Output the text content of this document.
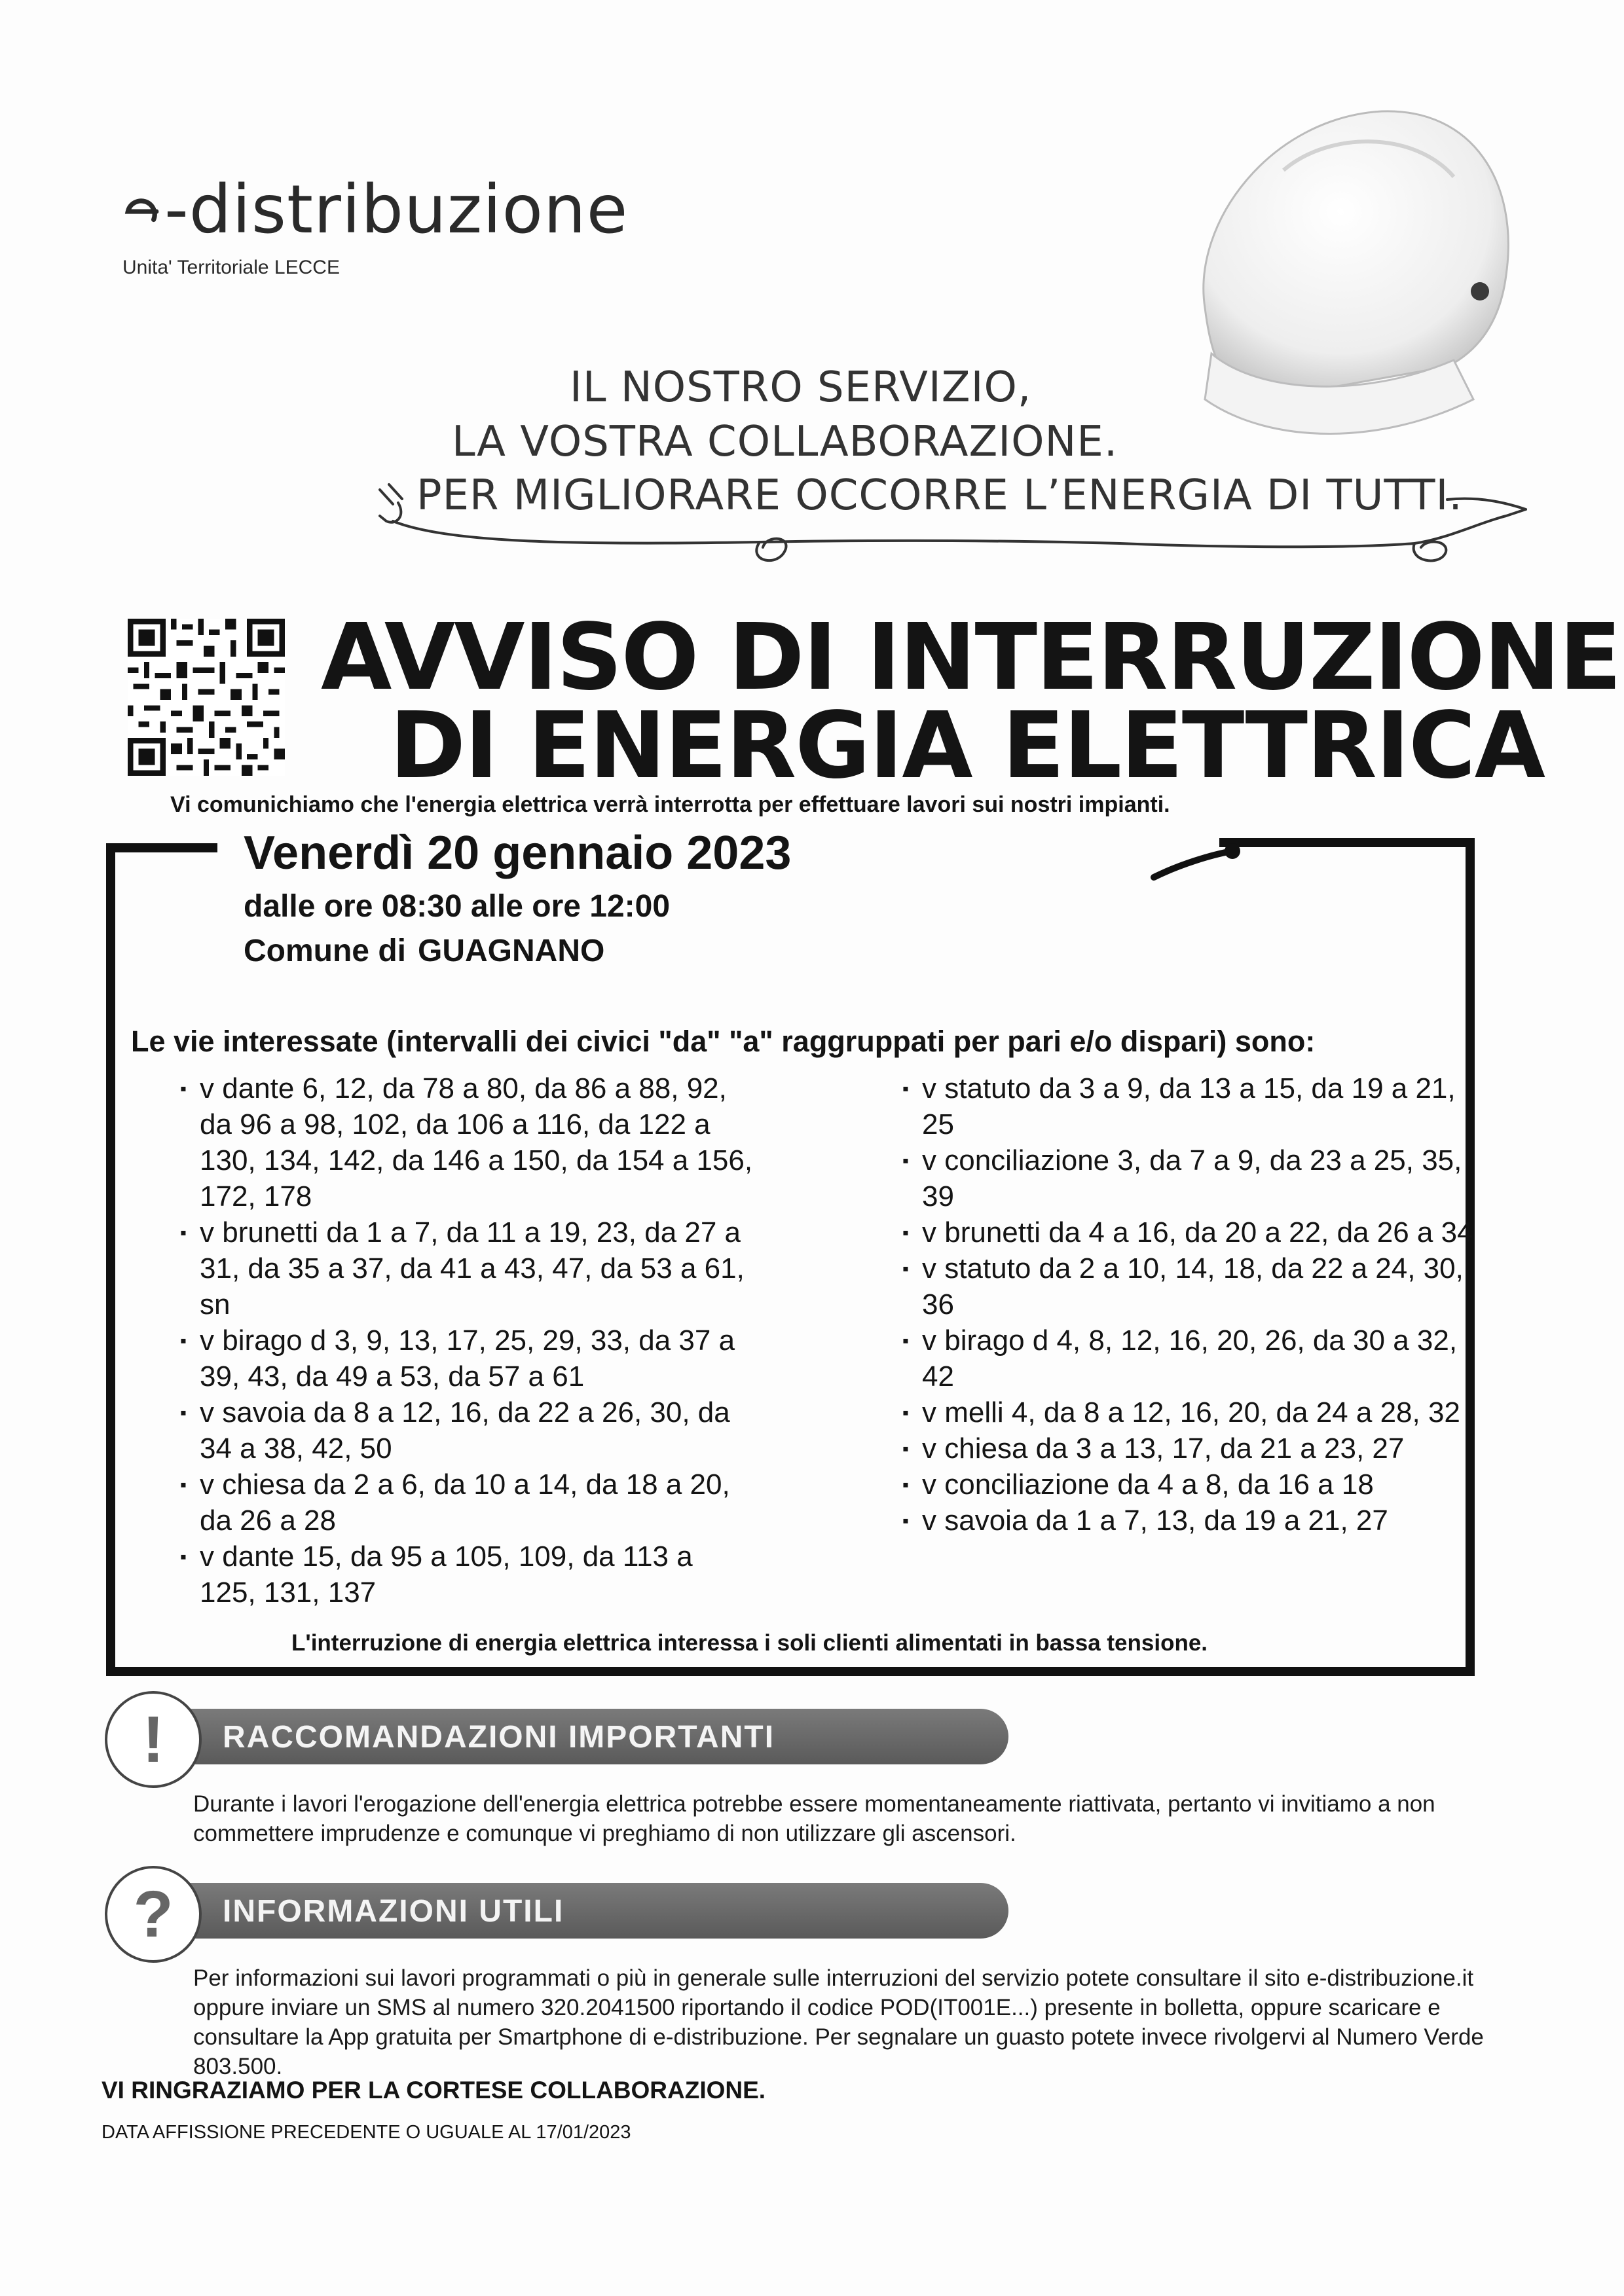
-distribuzione
Unita' Territoriale LECCE
IL NOSTRO SERVIZIO,
LA VOSTRA COLLABORAZIONE.
PER MIGLIORARE OCCORRE L’ENERGIA DI TUTTI.
AVVISO DI INTERRUZIONE
DI ENERGIA ELETTRICA
Vi comunichiamo che l'energia elettrica verrà interrotta per effettuare lavori sui nostri impianti.
Venerdì 20 gennaio 2023
dalle ore 08:30 alle ore 12:00
Comune di GUAGNANO
Le vie interessate (intervalli dei civici "da" "a" raggruppati per pari e/o dispari) sono:
▪ v dante 6, 12, da 78 a 80, da 86 a 88, 92, da 96 a 98, 102, da 106 a 116, da 122 a 130, 134, 142, da 146 a 150, da 154 a 156, 172, 178
▪ v brunetti da 1 a 7, da 11 a 19, 23, da 27 a 31, da 35 a 37, da 41 a 43, 47, da 53 a 61, sn
▪ v birago d 3, 9, 13, 17, 25, 29, 33, da 37 a 39, 43, da 49 a 53, da 57 a 61
▪ v savoia da 8 a 12, 16, da 22 a 26, 30, da 34 a 38, 42, 50
▪ v chiesa da 2 a 6, da 10 a 14, da 18 a 20, da 26 a 28
▪ v dante 15, da 95 a 105, 109, da 113 a 125, 131, 137
▪ v statuto da 3 a 9, da 13 a 15, da 19 a 21, 25
▪ v conciliazione 3, da 7 a 9, da 23 a 25, 35, 39
▪ v brunetti da 4 a 16, da 20 a 22, da 26 a 34
▪ v statuto da 2 a 10, 14, 18, da 22 a 24, 30, 36
▪ v birago d 4, 8, 12, 16, 20, 26, da 30 a 32, 42
▪ v melli 4, da 8 a 12, 16, 20, da 24 a 28, 32
▪ v chiesa da 3 a 13, 17, da 21 a 23, 27
▪ v conciliazione da 4 a 8, da 16 a 18
▪ v savoia da 1 a 7, 13, da 19 a 21, 27
L'interruzione di energia elettrica interessa i soli clienti alimentati in bassa tensione.
RACCOMANDAZIONI IMPORTANTI
!
Durante i lavori l'erogazione dell'energia elettrica potrebbe essere momentaneamente riattivata, pertanto vi invitiamo a non commettere imprudenze e comunque vi preghiamo di non utilizzare gli ascensori.
INFORMAZIONI UTILI
?
Per informazioni sui lavori programmati o più in generale sulle interruzioni del servizio potete consultare il sito e-distribuzione.it oppure inviare un SMS al numero 320.2041500 riportando il codice POD(IT001E...) presente in bolletta, oppure scaricare e consultare la App gratuita per Smartphone di e-distribuzione. Per segnalare un guasto potete invece rivolgervi al Numero Verde 803.500.
VI RINGRAZIAMO PER LA CORTESE COLLABORAZIONE.
DATA AFFISSIONE PRECEDENTE O UGUALE AL 17/01/2023
